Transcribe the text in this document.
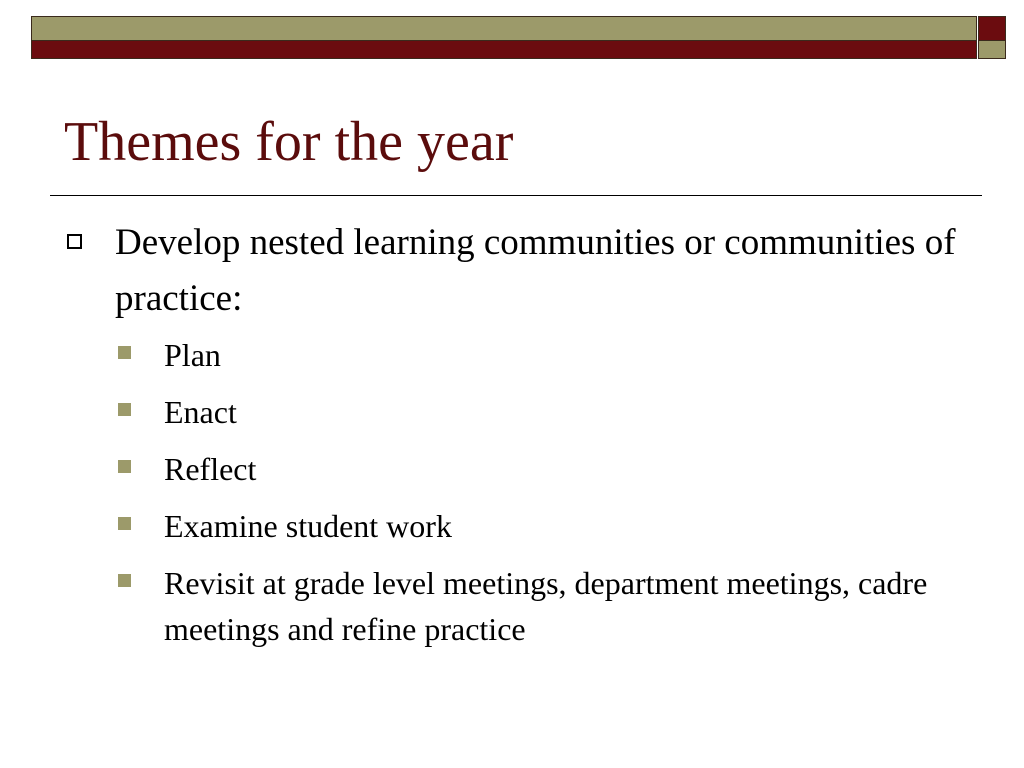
Themes for the year
Develop nested learning communities or communities of practice:
Plan
Enact
Reflect
Examine student work
Revisit at grade level meetings, department meetings, cadre meetings and refine practice
